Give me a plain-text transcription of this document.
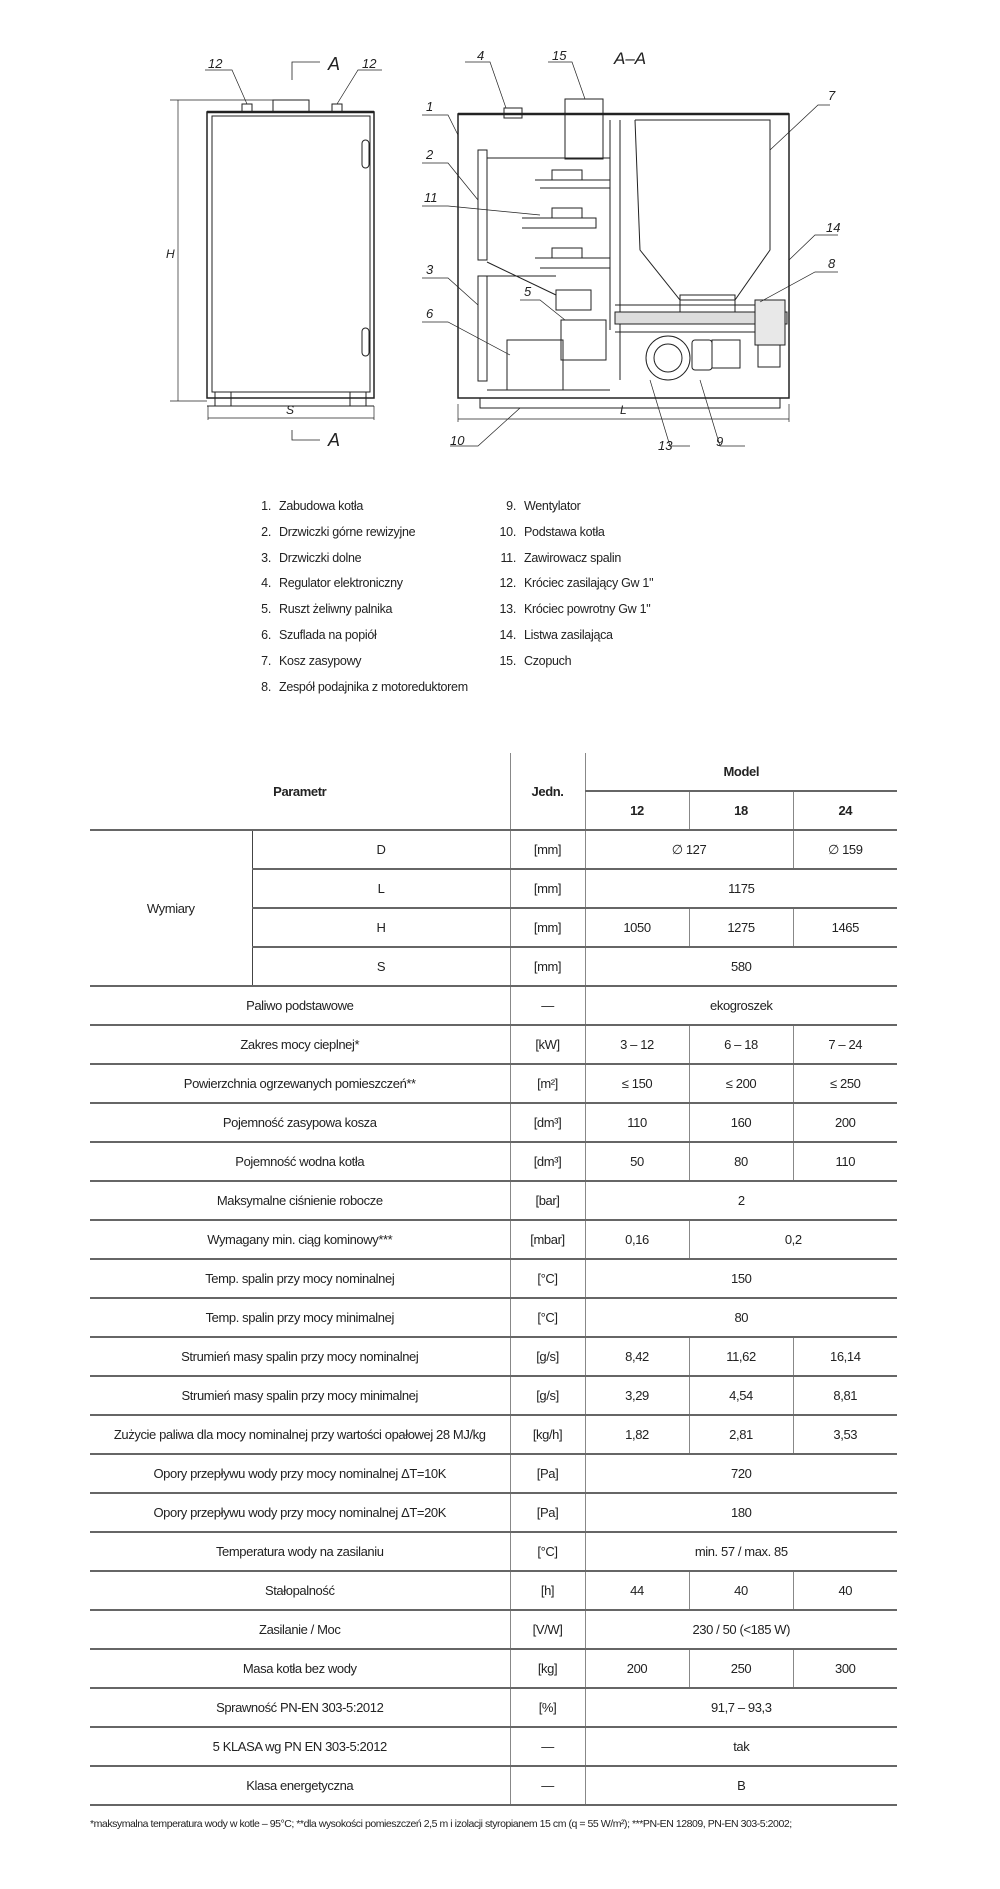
12	12
A
A
H
S	L
A–A
1
2
11
3
5
6
4	15
7
14
8
10	13	9
1. Zabudowa kotła
2. Drzwiczki górne rewizyjne
3. Drzwiczki dolne
4. Regulator elektroniczny
5. Ruszt żeliwny palnika
6. Szuflada na popiół
7. Kosz zasypowy
8. Zespół podajnika z motoreduktorem
9. Wentylator
10. Podstawa kotła
11. Zawirowacz spalin
12. Króciec zasilający Gw 1"
13. Króciec powrotny Gw 1"
14. Listwa zasilająca
15. Czopuch
Parametr		Jedn.	Model		
			12	18	24
Wymiary	D	[mm]	∅ 127		∅ 159
	L	[mm]	1175		
	H	[mm]	1050	1275	1465
	S	[mm]	580		
Paliwo podstawowe		—	ekogroszek		
Zakres mocy cieplnej*		[kW]	3 – 12	6 – 18	7 – 24
Powierzchnia ogrzewanych pomieszczeń**		[m²]	≤ 150	≤ 200	≤ 250
Pojemność zasypowa kosza		[dm³]	110	160	200
Pojemność wodna kotła		[dm³]	50	80	110
Maksymalne ciśnienie robocze		[bar]	2		
Wymagany min. ciąg kominowy***		[mbar]	0,16	0,2	
Temp. spalin przy mocy nominalnej		[°C]	150		
Temp. spalin przy mocy minimalnej		[°C]	80		
Strumień masy spalin przy mocy nominalnej		[g/s]	8,42	11,62	16,14
Strumień masy spalin przy mocy minimalnej		[g/s]	3,29	4,54	8,81
Zużycie paliwa dla mocy nominalnej przy wartości opałowej 28 MJ/kg		[kg/h]	1,82	2,81	3,53
Opory przepływu wody przy mocy nominalnej ΔT=10K		[Pa]	720		
Opory przepływu wody przy mocy nominalnej ΔT=20K		[Pa]	180		
Temperatura wody na zasilaniu		[°C]	min. 57 / max. 85		
Stałopalność		[h]	44	40	40
Zasilanie / Moc		[V/W]	230 / 50 (<185 W)		
Masa kotła bez wody		[kg]	200	250	300
Sprawność PN-EN 303-5:2012		[%]	91,7 – 93,3		
5 KLASA wg PN EN 303-5:2012		—	tak		
Klasa energetyczna		—	B		
*maksymalna temperatura wody w kotle – 95°C; **dla wysokości pomieszczeń 2,5 m i izolacji styropianem 15 cm (q = 55 W/m²); ***PN-EN 12809, PN-EN 303-5:2002;
